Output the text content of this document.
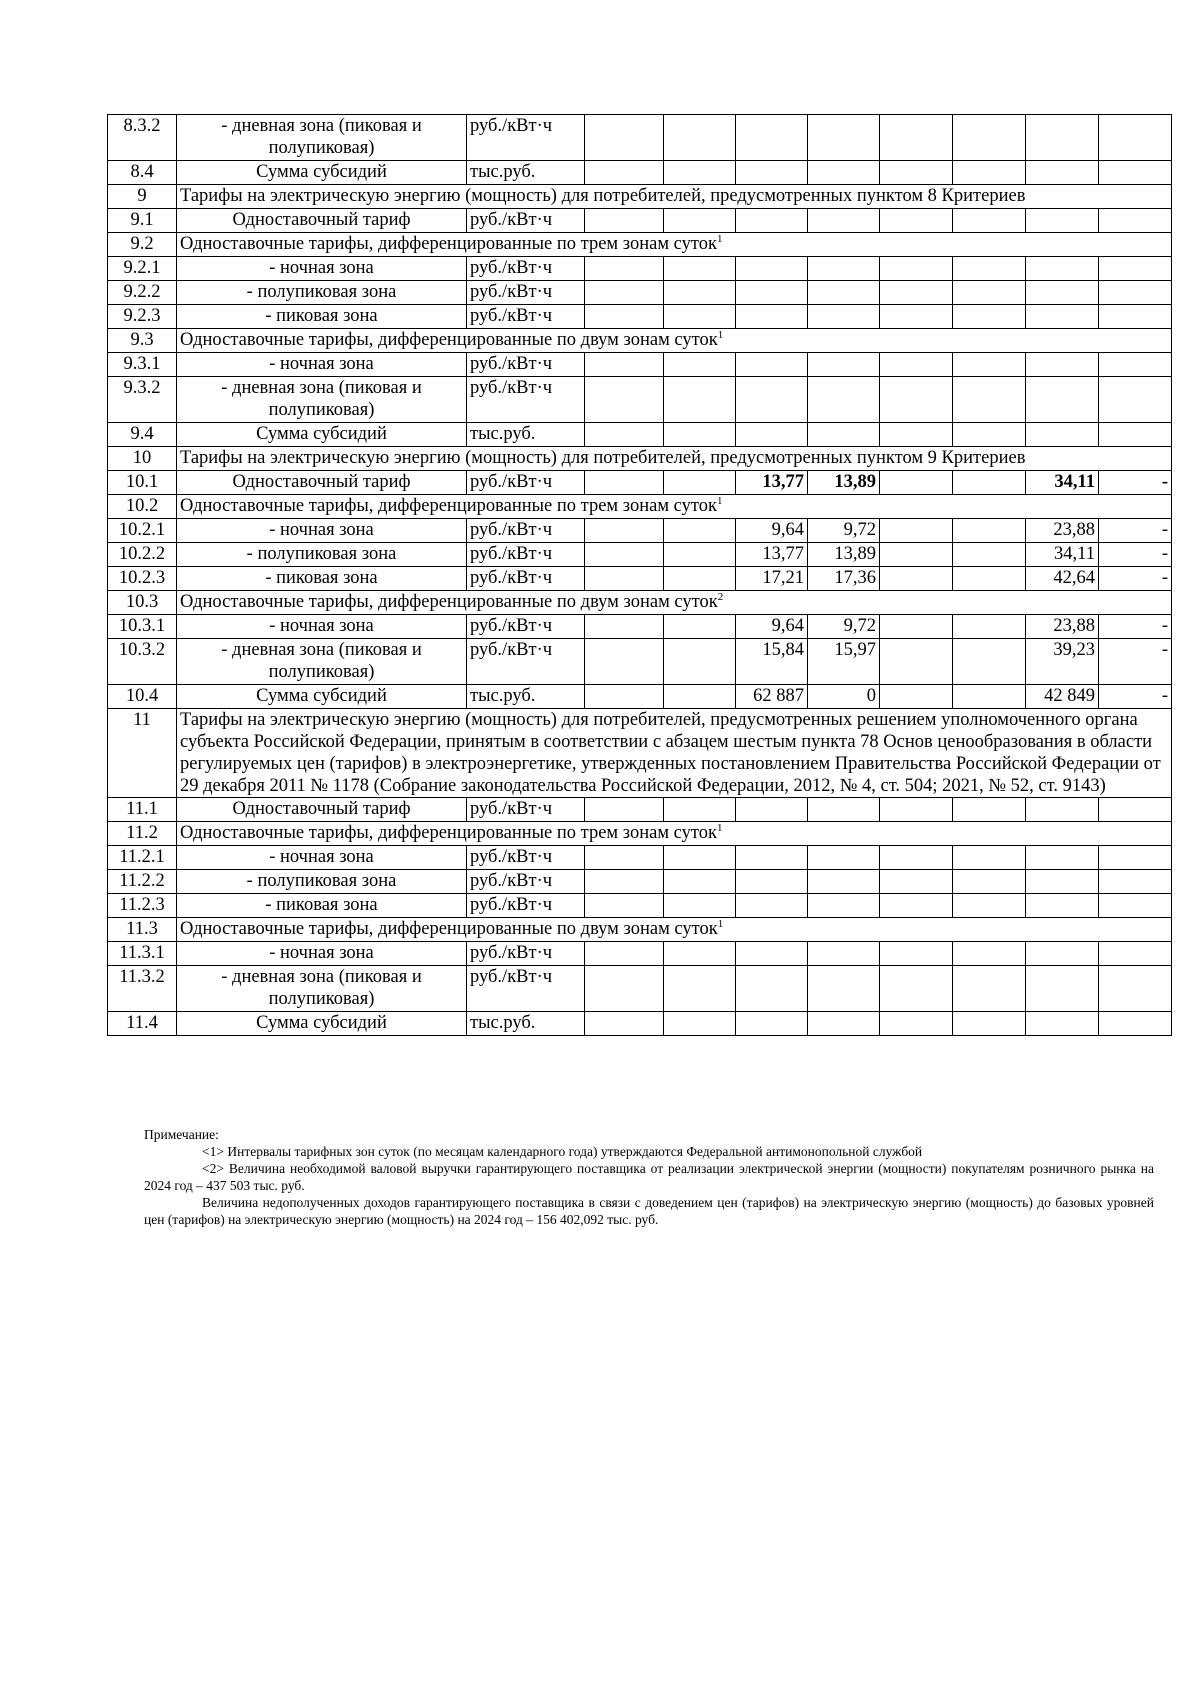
8.3.2	- дневная зона (пиковая и полупиковая)	руб./кВт·ч								
8.4	Сумма субсидий	тыс.руб.								
9	Тарифы на электрическую энергию (мощность) для потребителей, предусмотренных пунктом 8 Критериев									
9.1	Одноставочный тариф	руб./кВт·ч								
9.2	Одноставочные тарифы, дифференцированные по трем зонам суток$^1$
9.2.1	- ночная зона	руб./кВт·ч								
9.2.2	- полупиковая зона	руб./кВт·ч								
9.2.3	- пиковая зона	руб./кВт·ч								
9.3	Одноставочные тарифы, дифференцированные по двум зонам суток$^1$
9.3.1	- ночная зона	руб./кВт·ч								
9.3.2	- дневная зона (пиковая и полупиковая)	руб./кВт·ч								
9.4	Сумма субсидий	тыс.руб.								
10	Тарифы на электрическую энергию (мощность) для потребителей, предусмотренных пунктом 9 Критериев									
10.1	Одноставочный тариф	руб./кВт·ч			13,77	13,89			34,11	-
10.2	Одноставочные тарифы, дифференцированные по трем зонам суток$^1$
10.2.1	- ночная зона	руб./кВт·ч			9,64	9,72			23,88	-
10.2.2	- полупиковая зона	руб./кВт·ч			13,77	13,89			34,11	-
10.2.3	- пиковая зона	руб./кВт·ч			17,21	17,36			42,64	-
10.3	Одноставочные тарифы, дифференцированные по двум зонам суток$^2$
10.3.1	- ночная зона	руб./кВт·ч			9,64	9,72			23,88	-
10.3.2	- дневная зона (пиковая и полупиковая)	руб./кВт·ч			15,84	15,97			39,23	-
10.4	Сумма субсидий	тыс.руб.			62 887	0			42 849	-
11	Тарифы на электрическую энергию (мощность) для потребителей, предусмотренных решением уполномоченного органа субъекта Российской Федерации, принятым в соответствии с абзацем шестым пункта 78 Основ ценообразования в области регулируемых цен (тарифов) в электроэнергетике, утвержденных постановлением Правительства Российской Федерации от 29 декабря 2011 № 1178 (Собрание законодательства Российской Федерации, 2012, № 4, ст. 504; 2021, № 52, ст. 9143)									
11.1	Одноставочный тариф	руб./кВт·ч								
11.2	Одноставочные тарифы, дифференцированные по трем зонам суток$^1$
11.2.1	- ночная зона	руб./кВт·ч								
11.2.2	- полупиковая зона	руб./кВт·ч								
11.2.3	- пиковая зона	руб./кВт·ч								
11.3	Одноставочные тарифы, дифференцированные по двум зонам суток$^1$
11.3.1	- ночная зона	руб./кВт·ч								
11.3.2	- дневная зона (пиковая и полупиковая)	руб./кВт·ч								
11.4	Сумма субсидий	тыс.руб.								

Примечание:

<1> Интервалы тарифных зон суток (по месяцам календарного года) утверждаются Федеральной антимонопольной службой

<2> Величина необходимой валовой выручки гарантирующего поставщика от реализации электрической энергии (мощности) покупателям розничного рынка на 2024 год – 437 503 тыс. руб.

Величина недополученных доходов гарантирующего поставщика в связи с доведением цен (тарифов) на электрическую энергию (мощность) до базовых уровней цен (тарифов) на электрическую энергию (мощность) на 2024 год – 156 402,092 тыс. руб.
